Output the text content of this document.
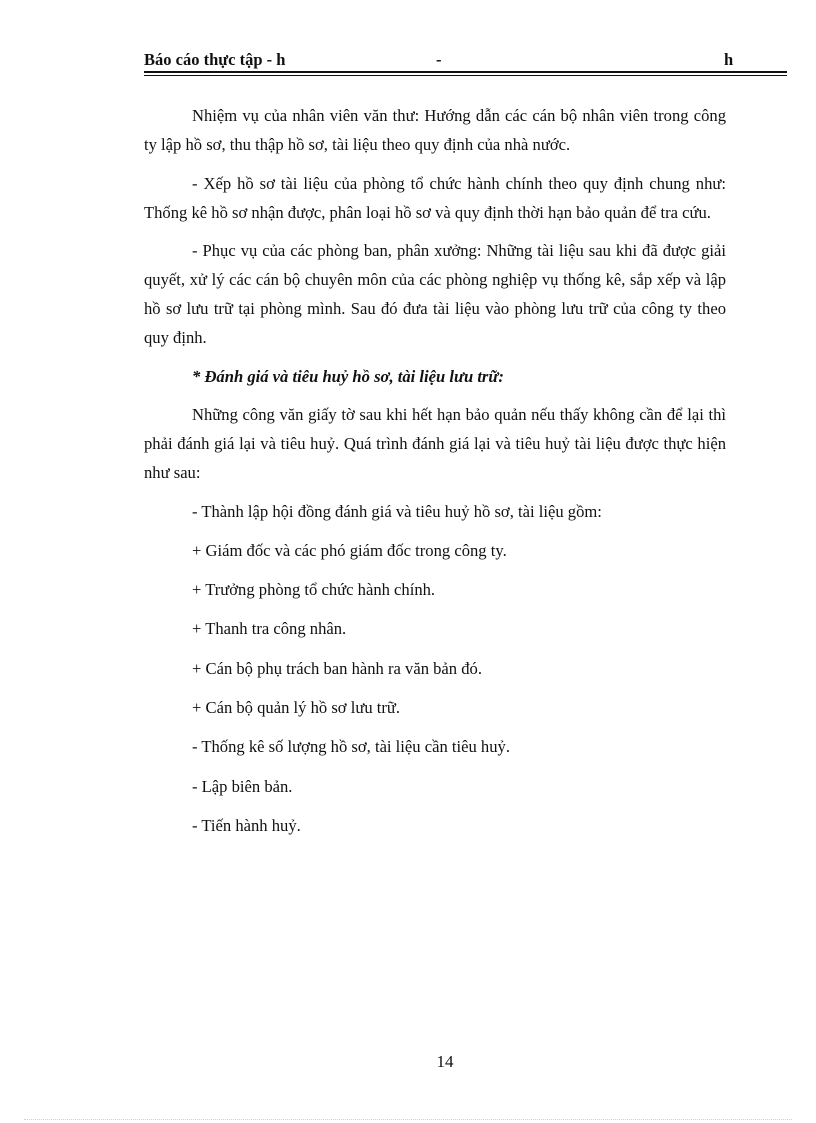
Báo cáo thực tập - h	-	h

Nhiệm vụ của nhân viên văn thư: Hướng dẫn các cán bộ nhân viên trong công ty lập hồ sơ, thu thập hồ sơ, tài liệu theo quy định của nhà nước.

- Xếp hồ sơ tài liệu của phòng tổ chức hành chính theo quy định chung như: Thống kê hồ sơ nhận được, phân loại hồ sơ và quy định thời hạn bảo quản để tra cứu.

- Phục vụ của các phòng ban, phân xưởng: Những tài liệu sau khi đã được giải quyết, xử lý các cán bộ chuyên môn của các phòng nghiệp vụ thống kê, sắp xếp và lập hồ sơ lưu trữ tại phòng mình. Sau đó đưa tài liệu vào phòng lưu trữ của công ty theo quy định.

* Đánh giá và tiêu huỷ hồ sơ, tài liệu lưu trữ:

Những công văn giấy tờ sau khi hết hạn bảo quản nếu thấy không cần để lại thì phải đánh giá lại và tiêu huỷ. Quá trình đánh giá lại và tiêu huỷ tài liệu được thực hiện như sau:

- Thành lập hội đồng đánh giá và tiêu huỷ hồ sơ, tài liệu gồm:

+ Giám đốc và các phó giám đốc trong công ty.

+ Trưởng phòng tổ chức hành chính.

+ Thanh tra công nhân.

+ Cán bộ phụ trách ban hành ra văn bản đó.

+ Cán bộ quản lý hồ sơ lưu trữ.

- Thống kê số lượng hồ sơ, tài liệu cần tiêu huỷ.

- Lập biên bản.

- Tiến hành huỷ.

14
